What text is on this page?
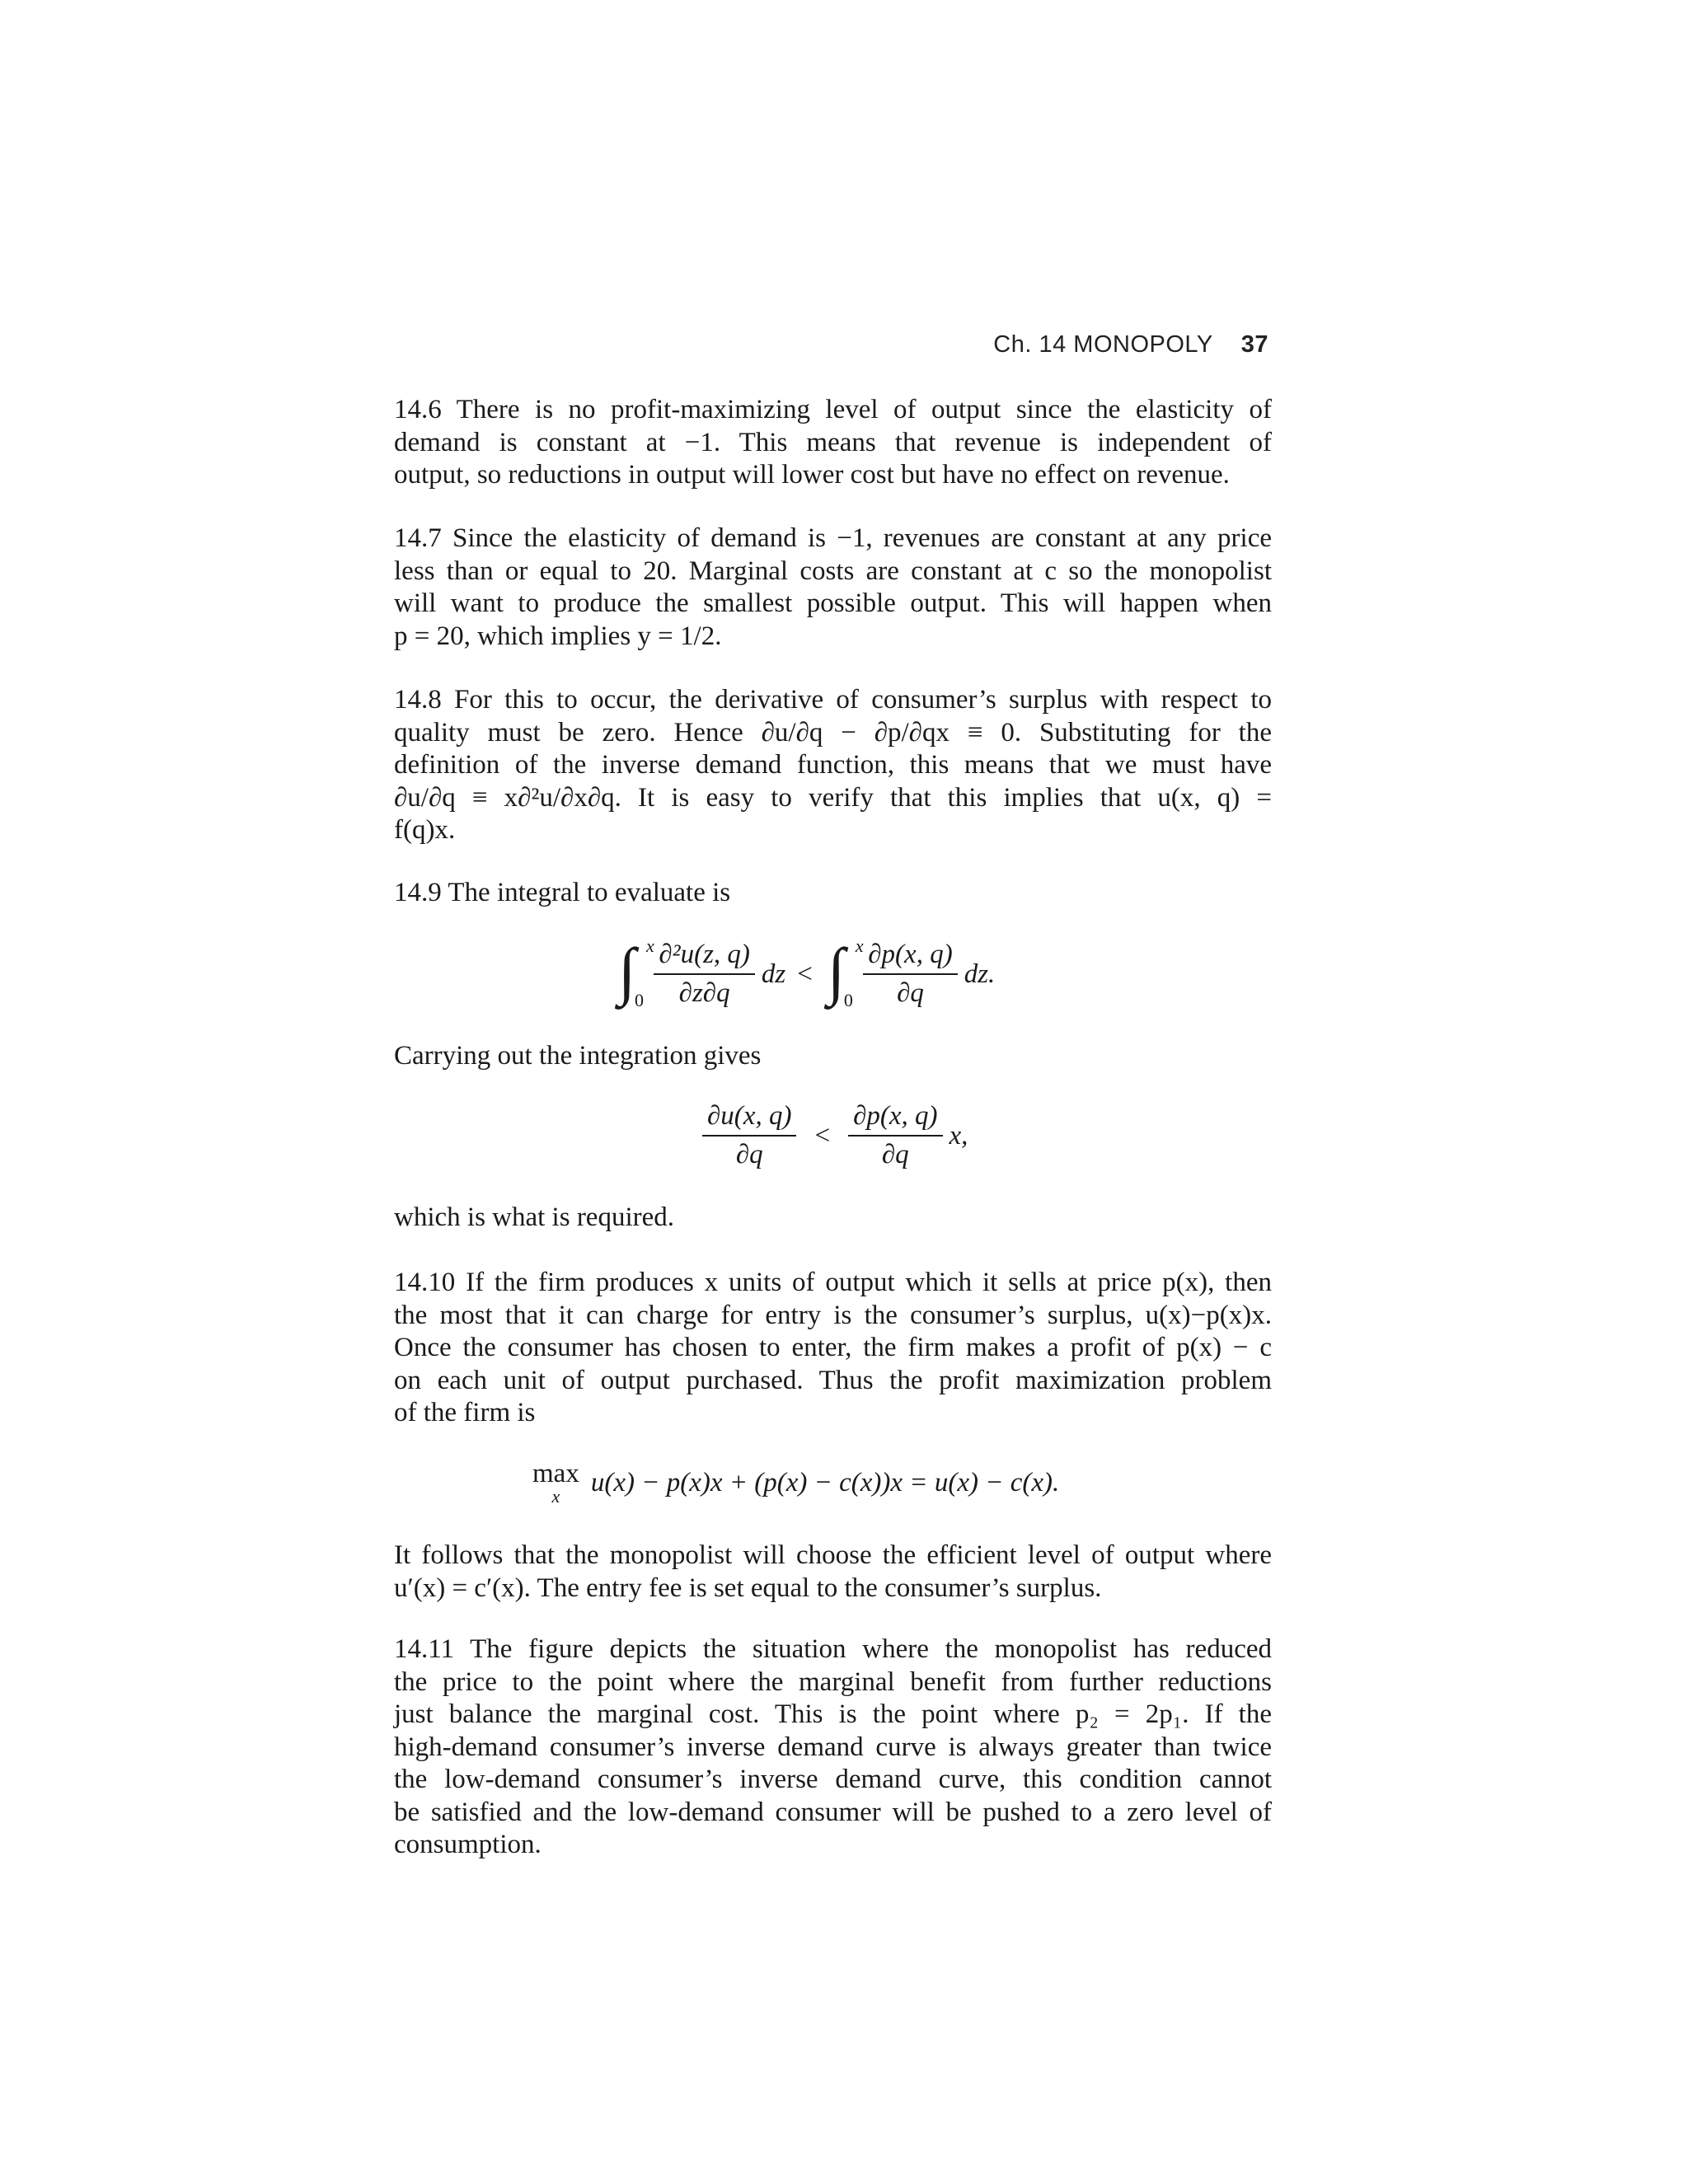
Ch. 14 MONOPOLY 37
14.6 There is no profit-maximizing level of output since the elasticity of
demand is constant at −1. This means that revenue is independent of
output, so reductions in output will lower cost but have no effect on revenue.
14.7 Since the elasticity of demand is −1, revenues are constant at any price
less than or equal to 20. Marginal costs are constant at c so the monopolist
will want to produce the smallest possible output. This will happen when
p = 20, which implies y = 1/2.
14.8 For this to occur, the derivative of consumer’s surplus with respect to
quality must be zero. Hence ∂u/∂q − ∂p/∂qx ≡ 0. Substituting for the
definition of the inverse demand function, this means that we must have
∂u/∂q ≡ x∂²u/∂x∂q. It is easy to verify that this implies that u(x, q) =
f(q)x.
14.9 The integral to evaluate is
∫ x
$0 \frac{\text{∂²u(z, q)}}{\partial z\partial q}$ dz < ∫ x
$0 \frac{\partial p(x, q)}{\partial q}$ dz.
Carrying out the integration gives
$\frac{\partial u(x, q)}{\partial q} < \frac{\partial p(x, q)}{\partial q} x$,
which is what is required.
14.10 If the firm produces x units of output which it sells at price p(x), then
the most that it can charge for entry is the consumer’s surplus, u(x)−p(x)x.
Once the consumer has chosen to enter, the firm makes a profit of p(x) − c
on each unit of output purchased. Thus the profit maximization problem
of the firm is
max
x u(x) − p(x)x + (p(x) − c(x))x = u(x) − c(x).
It follows that the monopolist will choose the efficient level of output where
u′(x) = c′(x). The entry fee is set equal to the consumer’s surplus.
14.11 The figure depicts the situation where the monopolist has reduced
the price to the point where the marginal benefit from further reductions
just balance the marginal cost. This is the point where p₂ = 2p₁. If the
high-demand consumer’s inverse demand curve is always greater than twice
the low-demand consumer’s inverse demand curve, this condition cannot
be satisfied and the low-demand consumer will be pushed to a zero level of
consumption.
